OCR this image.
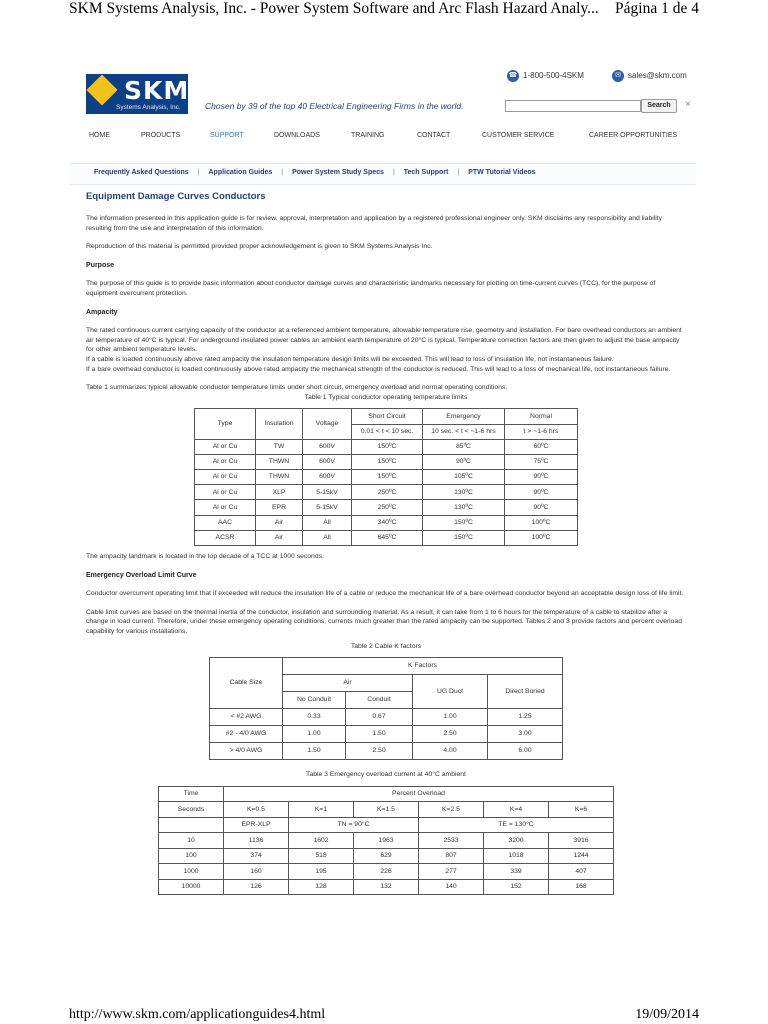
SKM Systems Analysis, Inc. - Power System Software and Arc Flash Hazard Analy... Página 1 de 4
SKM
Systems Analysis, Inc.	Chosen by 39 of the top 40 Electrical Engineering Firms in the world.
☎ 1-800-500-4SKM	✉ sales@skm.com
Search	×
HOME	PRODUCTS	SUPPORT	DOWNLOADS	TRAINING	CONTACT	CUSTOMER SERVICE	CAREER OPPORTUNITIES
Frequently Asked Questions | Application Guides | Power System Study Specs | Tech Support | PTW Tutorial Videos
Equipment Damage Curves Conductors

The information presented in this application guide is for review, approval, interpretation and application by a registered professional engineer only. SKM disclaims any responsibility and liability resulting from the use and interpretation of this information.

Reproduction of this material is permitted provided proper acknowledgement is given to SKM Systems Analysis Inc.

Purpose

The purpose of this guide is to provide basic information about conductor damage curves and characteristic landmarks necessary for plotting on time-current curves (TCC), for the purpose of equipment overcurrent protection.

Ampacity

The rated continuous current carrying capacity of the conductor at a referenced ambient temperature, allowable temperature rise, geometry and installation. For bare overhead conductors an ambient air temperature of 40°C is typical. For underground insulated power cables an ambient earth temperature of 20°C is typical. Temperature correction factors are then given to adjust the base ampacity for other ambient temperature levels.

If a cable is loaded continuously above rated ampacity the insulation temperature design limits will be exceeded. This will lead to loss of insulation life, not instantaneous failure.

If a bare overhead conductor is loaded continuously above rated ampacity the mechanical strength of the conductor is reduced. This will lead to a loss of mechanical life, not instantaneous failure.

Table 1 summarizes typical allowable conductor temperature limits under short circuit, emergency overload and normal operating conditions.

Table 1 Typical conductor operating temperature limits
Type	Insulation	Voltage	Short Circuit	Emergency	Normal
			0.01 < t < 10 sec.	10 sec. < t < ~1-6 hrs	t > ~1-6 hrs
Al or Cu	TW	600V	150ºC	85ºC	60ºC
Al or Cu	THWN	600V	150ºC	90ºC	75ºC
Al or Cu	THWN	600V	150ºC	105ºC	90ºC
Al or Cu	XLP	5-15kV	250ºC	130ºC	90ºC
Al or Cu	EPR	5-15kV	250ºC	130ºC	90ºC
AAC	Air	All	340ºC	150ºC	100ºC
ACSR	Air	All	645ºC	150ºC	100ºC

The ampacity landmark is located in the top decade of a TCC at 1000 seconds.

Emergency Overload Limit Curve

Conductor overcurrent operating limit that if exceeded will reduce the insulation life of a cable or reduce the mechanical life of a bare overhead conductor beyond an acceptable design loss of life limit.

Cable limit curves are based on the thermal inertia of the conductor, insulation and surrounding material. As a result, it can take from 1 to 6 hours for the temperature of a cable to stabilize after a change in load current. Therefore, under these emergency operating conditions, currents much greater than the rated ampacity can be supported. Tables 2 and 3 provide factors and percent overload capability for various installations.

Table 2 Cable K factors
Cable Size	K Factors			
	Air		UG Duct	Direct Buried
	No Conduit	Conduit		
< #2 AWG	0.33	0.67	1.00	1.25
#2 - 4/0 AWG	1.00	1.50	2.50	3.00
> 4/0 AWG	1.50	2.50	4.00	6.00
Table 3 Emergency overload current at 40°C ambient
Time	Percent Overload					
Seconds	K=0.5	K=1	K=1.5	K=2.5	K=4	K=6
	EPR-XLP	TN = 90°C		TE = 130°C		
10	1136	1602	1963	2533	3200	3916
100	374	518	629	807	1018	1244
1000	160	195	226	277	339	407
10000	126	128	132	140	152	168
http://www.skm.com/applicationguides4.html	19/09/2014
